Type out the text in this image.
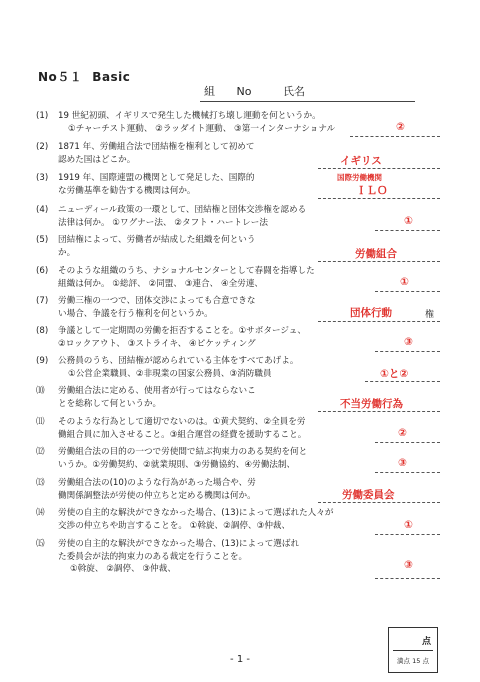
No５１ Basic
組 No	氏名
(1)	19 世紀初頭、イギリスで発生した機械打ち壊し運動を何というか。
①チャーチスト運動、 ②ラッダイト運動、 ③第一インターナショナル	②
(2)	1871 年、労働組合法で団結権を権利として初めて
認めた国はどこか。	イギリス
(3)	1919 年、国際連盟の機関として発足した、国際的
な労働基準を勧告する機関は何か。
国際労働機関
ＩＬＯ
(4)	ニューディール政策の一環として、団結権と団体交渉権を認める
法律は何か。 ①ワグナー法、 ②タフト・ハートレー法	①
(5)	団結権によって、労働者が結成した組織を何という
か。	労働組合
(6)	そのような組織のうち、ナショナルセンターとして春闘を指導した
組織は何か。 ①総評、 ②同盟、 ③連合、 ④全労連、	①
(7)	労働三権の一つで、団体交渉によっても合意できな
い場合、争議を行う権利を何というか。	団体行動	権
(8)	争議として一定期間の労働を拒否することを。①サボタージュ、
②ロックアウト、 ③ストライキ、 ④ピケッティング	③
(9)	公務員のうち、団結権が認められている主体をすべてあげよ。
①公営企業職員、②非現業の国家公務員、③消防職員	①と②
⑽	労働組合法に定める、使用者が行ってはならないこ
とを総称して何というか。	不当労働行為
⑾	そのような行為として適切でないのは。①黄犬契約、②全員を労
働組合員に加入させること。③組合運営の経費を援助すること。	②
⑿	労働組合法の目的の一つで労使間で結ぶ拘束力のある契約を何と
いうか。①労働契約、②就業規則、③労働協約、④労働法制、	③
⒀	労働組合法の(10)のような行為があった場合や、労
働関係調整法が労使の仲立ちと定める機関は何か。	労働委員会
⒁	労使の自主的な解決ができなかった場合、(13)によって選ばれた人々が
交渉の仲立ちや助言することを。 ①斡旋、②調停、③仲裁、	①
⒂	労使の自主的な解決ができなかった場合、(13)によって選ばれ
た委員会が法的拘束力のある裁定を行うことを。
①斡旋、 ②調停、 ③仲裁、	③
点
満点 15 点
- 1 -
